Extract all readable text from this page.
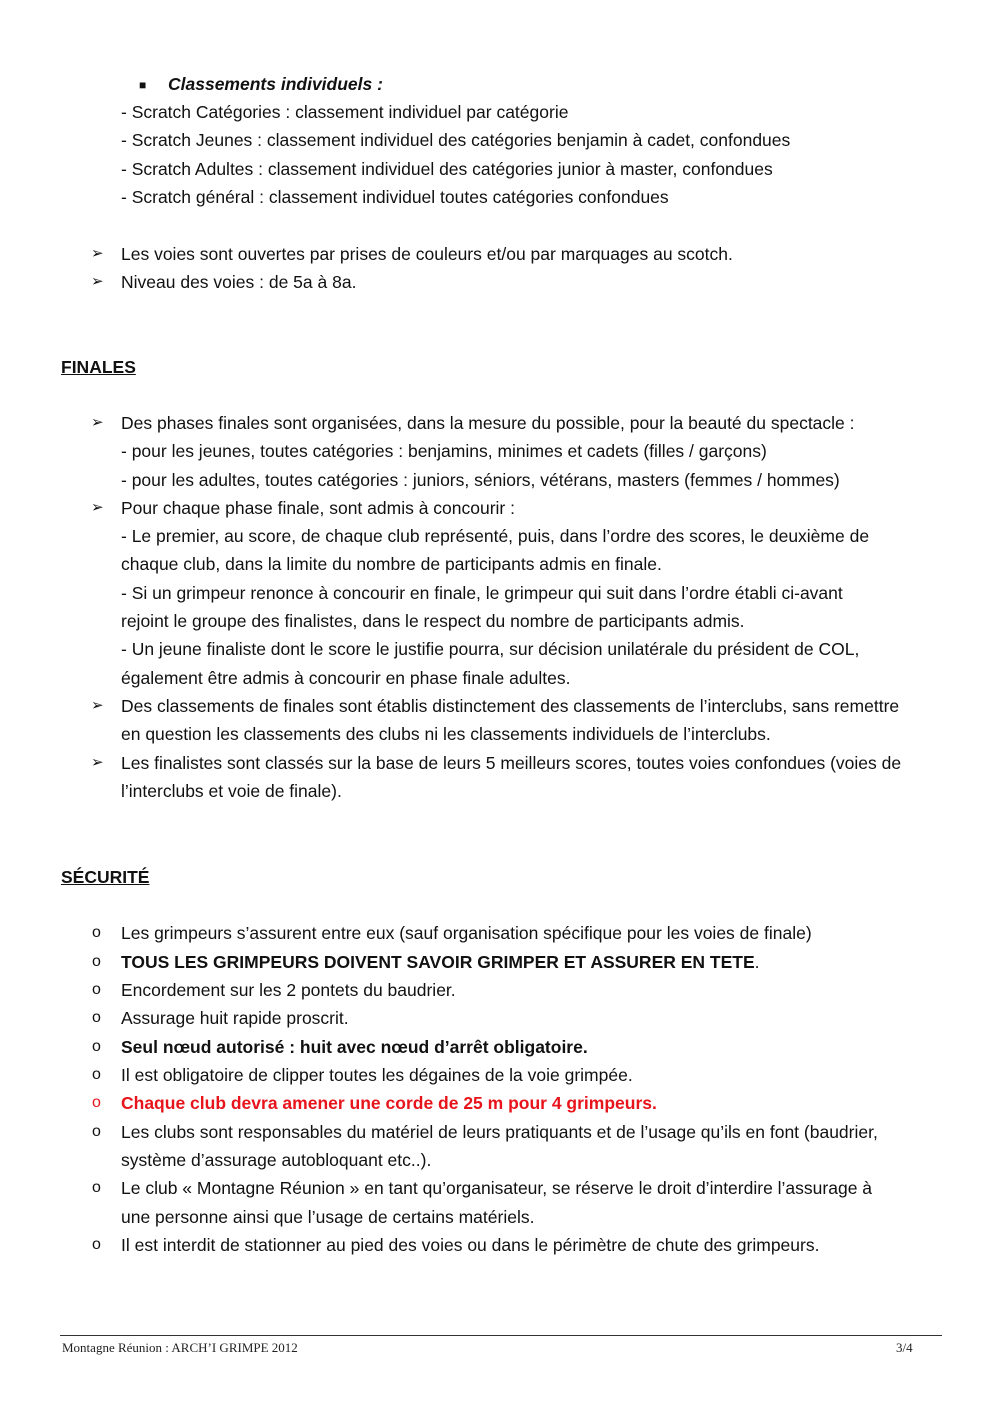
■ Classements individuels :
- Scratch Catégories : classement individuel par catégorie
- Scratch Jeunes : classement individuel des catégories benjamin à cadet, confondues
- Scratch Adultes : classement individuel des catégories junior à master, confondues
- Scratch général : classement individuel toutes catégories confondues
➢ Les voies sont ouvertes par prises de couleurs et/ou par marquages au scotch.
➢ Niveau des voies : de 5a à 8a.
FINALES
➢ Des phases finales sont organisées, dans la mesure du possible, pour la beauté du spectacle :
- pour les jeunes, toutes catégories : benjamins, minimes et cadets (filles / garçons)
- pour les adultes, toutes catégories : juniors, séniors, vétérans, masters (femmes / hommes)
➢ Pour chaque phase finale, sont admis à concourir :
- Le premier, au score, de chaque club représenté, puis, dans l’ordre des scores, le deuxième de
chaque club, dans la limite du nombre de participants admis en finale.
- Si un grimpeur renonce à concourir en finale, le grimpeur qui suit dans l’ordre établi ci-avant
rejoint le groupe des finalistes, dans le respect du nombre de participants admis.
- Un jeune finaliste dont le score le justifie pourra, sur décision unilatérale du président de COL,
également être admis à concourir en phase finale adultes.
➢ Des classements de finales sont établis distinctement des classements de l’interclubs, sans remettre
en question les classements des clubs ni les classements individuels de l’interclubs.
➢ Les finalistes sont classés sur la base de leurs 5 meilleurs scores, toutes voies confondues (voies de
l’interclubs et voie de finale).
SÉCURITÉ
o Les grimpeurs s’assurent entre eux (sauf organisation spécifique pour les voies de finale)
o TOUS LES GRIMPEURS DOIVENT SAVOIR GRIMPER ET ASSURER EN TETE.
o Encordement sur les 2 pontets du baudrier.
o Assurage huit rapide proscrit.
o Seul nœud autorisé : huit avec nœud d’arrêt obligatoire.
o Il est obligatoire de clipper toutes les dégaines de la voie grimpée.
o Chaque club devra amener une corde de 25 m pour 4 grimpeurs.
o Les clubs sont responsables du matériel de leurs pratiquants et de l’usage qu’ils en font (baudrier,
système d’assurage autobloquant etc..).
o Le club « Montagne Réunion » en tant qu’organisateur, se réserve le droit d’interdire l’assurage à
une personne ainsi que l’usage de certains matériels.
o Il est interdit de stationner au pied des voies ou dans le périmètre de chute des grimpeurs.
Montagne Réunion : ARCH’I GRIMPE 2012	3/4
